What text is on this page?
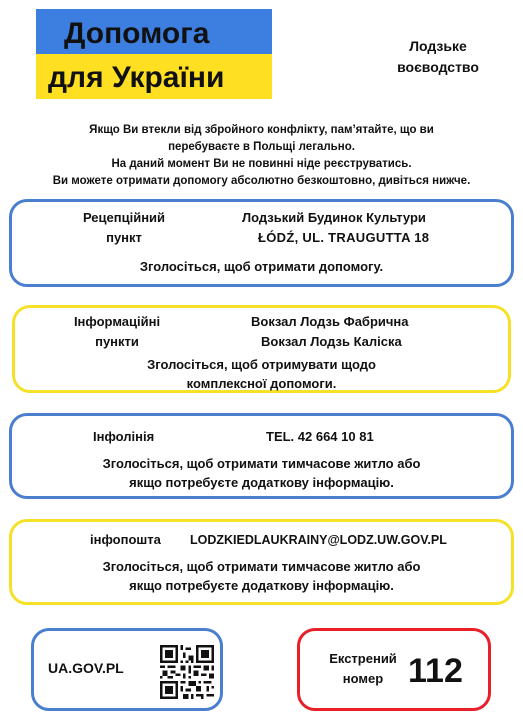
Допомога
для України
Лодзьке
воєводство
Якщо Ви втекли від збройного конфлікту, пам’ятайте, що ви
перебуваєте в Польщі легально.
На даний момент Ви не повинні ніде реєструватись.
Ви можете отримати допомогу абсолютно безкоштовно, дивіться нижче.
Рецепційний
пункт
Лодзький Будинок Культури
ŁÓDŹ, UL. TRAUGUTTA 18
Зголосіться, щоб отримати допомогу.
Інформаційні
пункти
Вокзал Лодзь Фабрична
Вокзал Лодзь Каліска
Зголосіться, щоб отримувати щодо
комплексної допомоги.
Інфолінія	TEL. 42 664 10 81
Зголосіться, щоб отримати тимчасове житло або
якщо потребуєте додаткову інформацію.
інфопошта LODZKIEDLAUKRAINY@LODZ.UW.GOV.PL
Зголосіться, щоб отримати тимчасове житло або
якщо потребуєте додаткову інформацію.
UA.GOV.PL
Екстрений
номер 112
